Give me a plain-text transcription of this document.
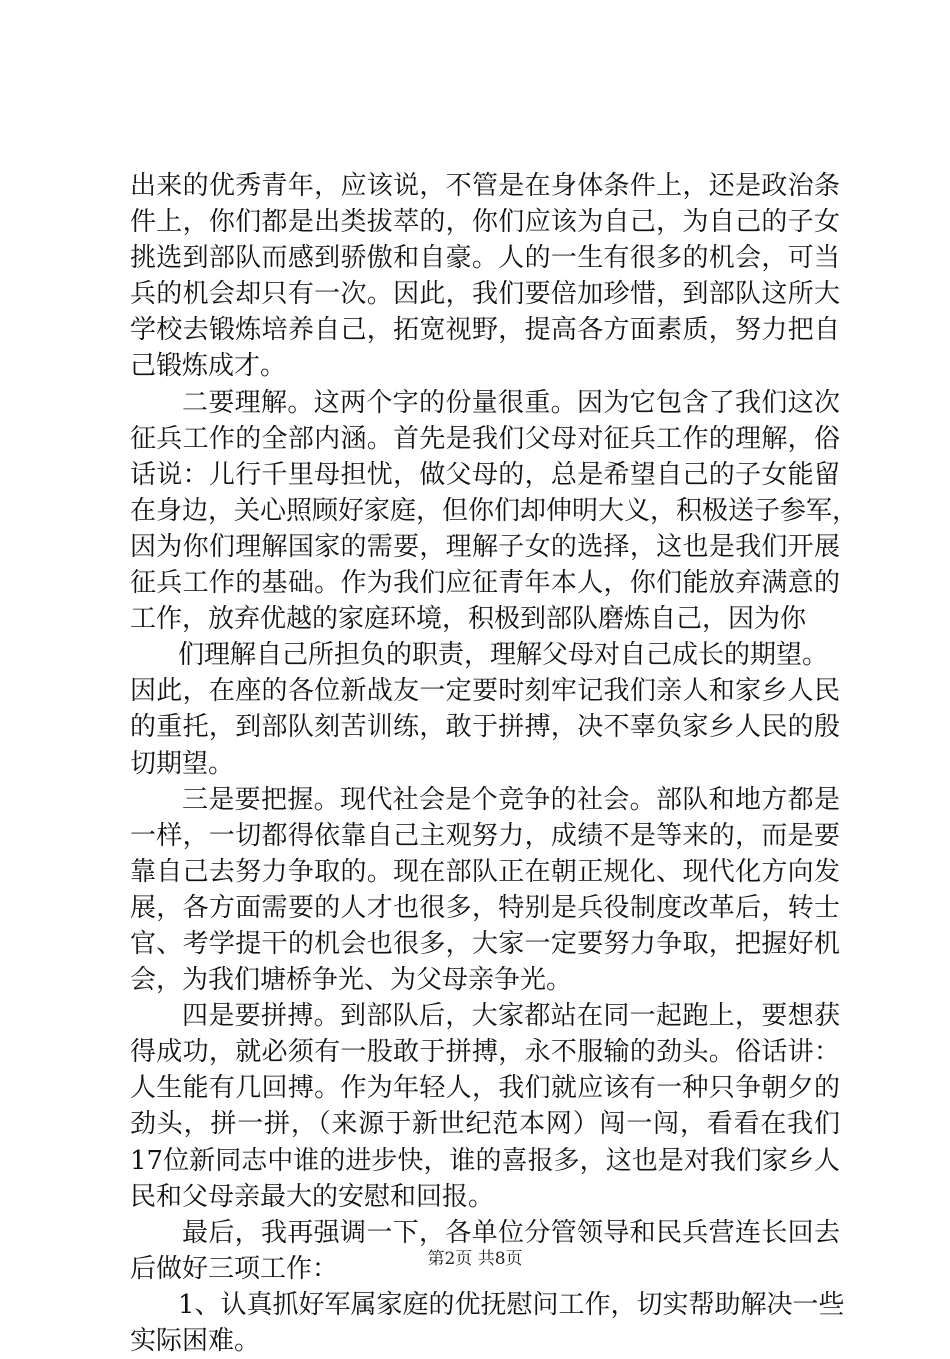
出来的优秀青年，应该说，不管是在身体条件上，还是政治条
件上，你们都是出类拔萃的，你们应该为自己，为自己的子女
挑选到部队而感到骄傲和自豪。人的一生有很多的机会，可当
兵的机会却只有一次。因此，我们要倍加珍惜，到部队这所大
学校去锻炼培养自己，拓宽视野，提高各方面素质，努力把自
己锻炼成才。
二要理解。这两个字的份量很重。因为它包含了我们这次
征兵工作的全部内涵。首先是我们父母对征兵工作的理解，俗
话说：儿行千里母担忧，做父母的，总是希望自己的子女能留
在身边，关心照顾好家庭，但你们却伸明大义，积极送子参军，
因为你们理解国家的需要，理解子女的选择，这也是我们开展
征兵工作的基础。作为我们应征青年本人，你们能放弃满意的
工作，放弃优越的家庭环境，积极到部队磨炼自己，因为你
们理解自己所担负的职责，理解父母对自己成长的期望。
因此，在座的各位新战友一定要时刻牢记我们亲人和家乡人民
的重托，到部队刻苦训练，敢于拼搏，决不辜负家乡人民的殷
切期望。
三是要把握。现代社会是个竞争的社会。部队和地方都是
一样，一切都得依靠自己主观努力，成绩不是等来的，而是要
靠自己去努力争取的。现在部队正在朝正规化、现代化方向发
展，各方面需要的人才也很多，特别是兵役制度改革后，转士
官、考学提干的机会也很多，大家一定要努力争取，把握好机
会，为我们塘桥争光、为父母亲争光。
四是要拼搏。到部队后，大家都站在同一起跑上，要想获
得成功，就必须有一股敢于拼搏，永不服输的劲头。俗话讲：
人生能有几回搏。作为年轻人，我们就应该有一种只争朝夕的
劲头，拼一拼，（来源于新世纪范本网）闯一闯，看看在我们
17位新同志中谁的进步快，谁的喜报多，这也是对我们家乡人
民和父母亲最大的安慰和回报。
最后，我再强调一下，各单位分管领导和民兵营连长回去
后做好三项工作：
1、认真抓好军属家庭的优抚慰问工作，切实帮助解决一些
实际困难。
第2页 共8页
